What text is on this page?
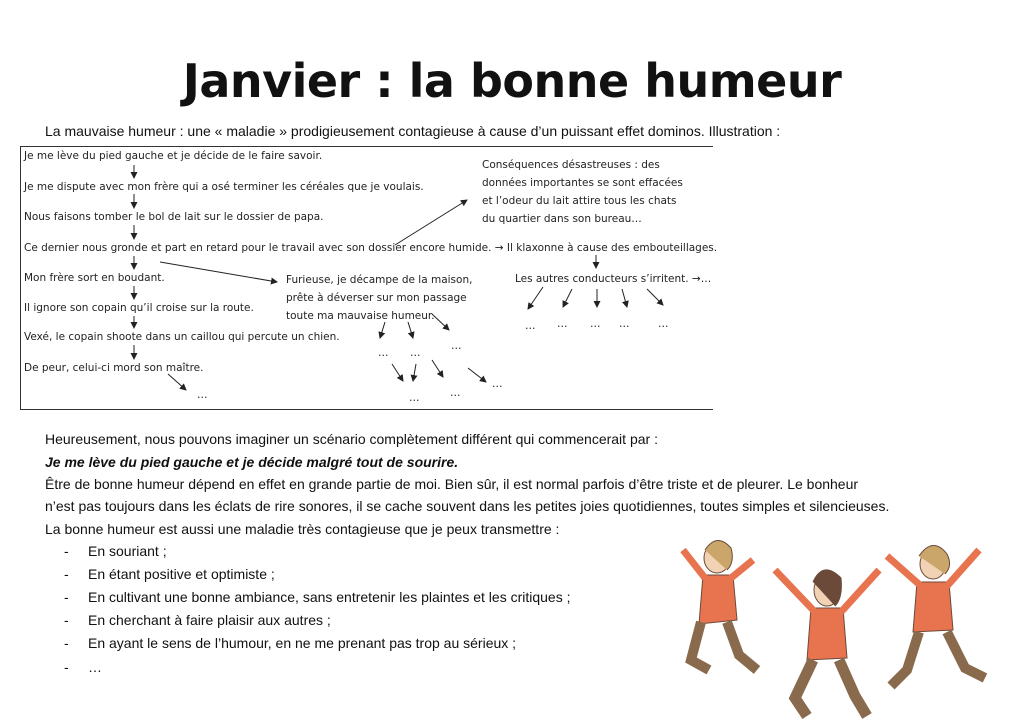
Janvier : la bonne humeur
La mauvaise humeur : une « maladie » prodigieusement contagieuse à cause d’un puissant effet dominos. Illustration :
Je me lève du pied gauche et je décide de le faire savoir.
Je me dispute avec mon frère qui a osé terminer les céréales que je voulais.
Nous faisons tomber le bol de lait sur le dossier de papa.
Ce dernier nous gronde et part en retard pour le travail avec son dossier encore humide. → Il klaxonne à cause des embouteillages.
Mon frère sort en boudant.
Il ignore son copain qu’il croise sur la route.
Vexé, le copain shoote dans un caillou qui percute un chien.
De peur, celui-ci mord son maître.
Conséquences désastreuses : des données importantes se sont effacées et l’odeur du lait attire tous les chats du quartier dans son bureau…
Furieuse, je décampe de la maison, prête à déverser sur mon passage toute ma mauvaise humeur.
Les autres conducteurs s’irritent. →…
…
… …
…
…	…
…
… … … …	…
Heureusement, nous pouvons imaginer un scénario complètement différent qui commencerait par :
Je me lève du pied gauche et je décide malgré tout de sourire.
Être de bonne humeur dépend en effet en grande partie de moi. Bien sûr, il est normal parfois d’être triste et de pleurer. Le bonheur
n’est pas toujours dans les éclats de rire sonores, il se cache souvent dans les petites joies quotidiennes, toutes simples et silencieuses.
La bonne humeur est aussi une maladie très contagieuse que je peux transmettre :
- En souriant ;
- En étant positive et optimiste ;
- En cultivant une bonne ambiance, sans entretenir les plaintes et les critiques ;
- En cherchant à faire plaisir aux autres ;
- En ayant le sens de l’humour, en ne me prenant pas trop au sérieux ;
- …
